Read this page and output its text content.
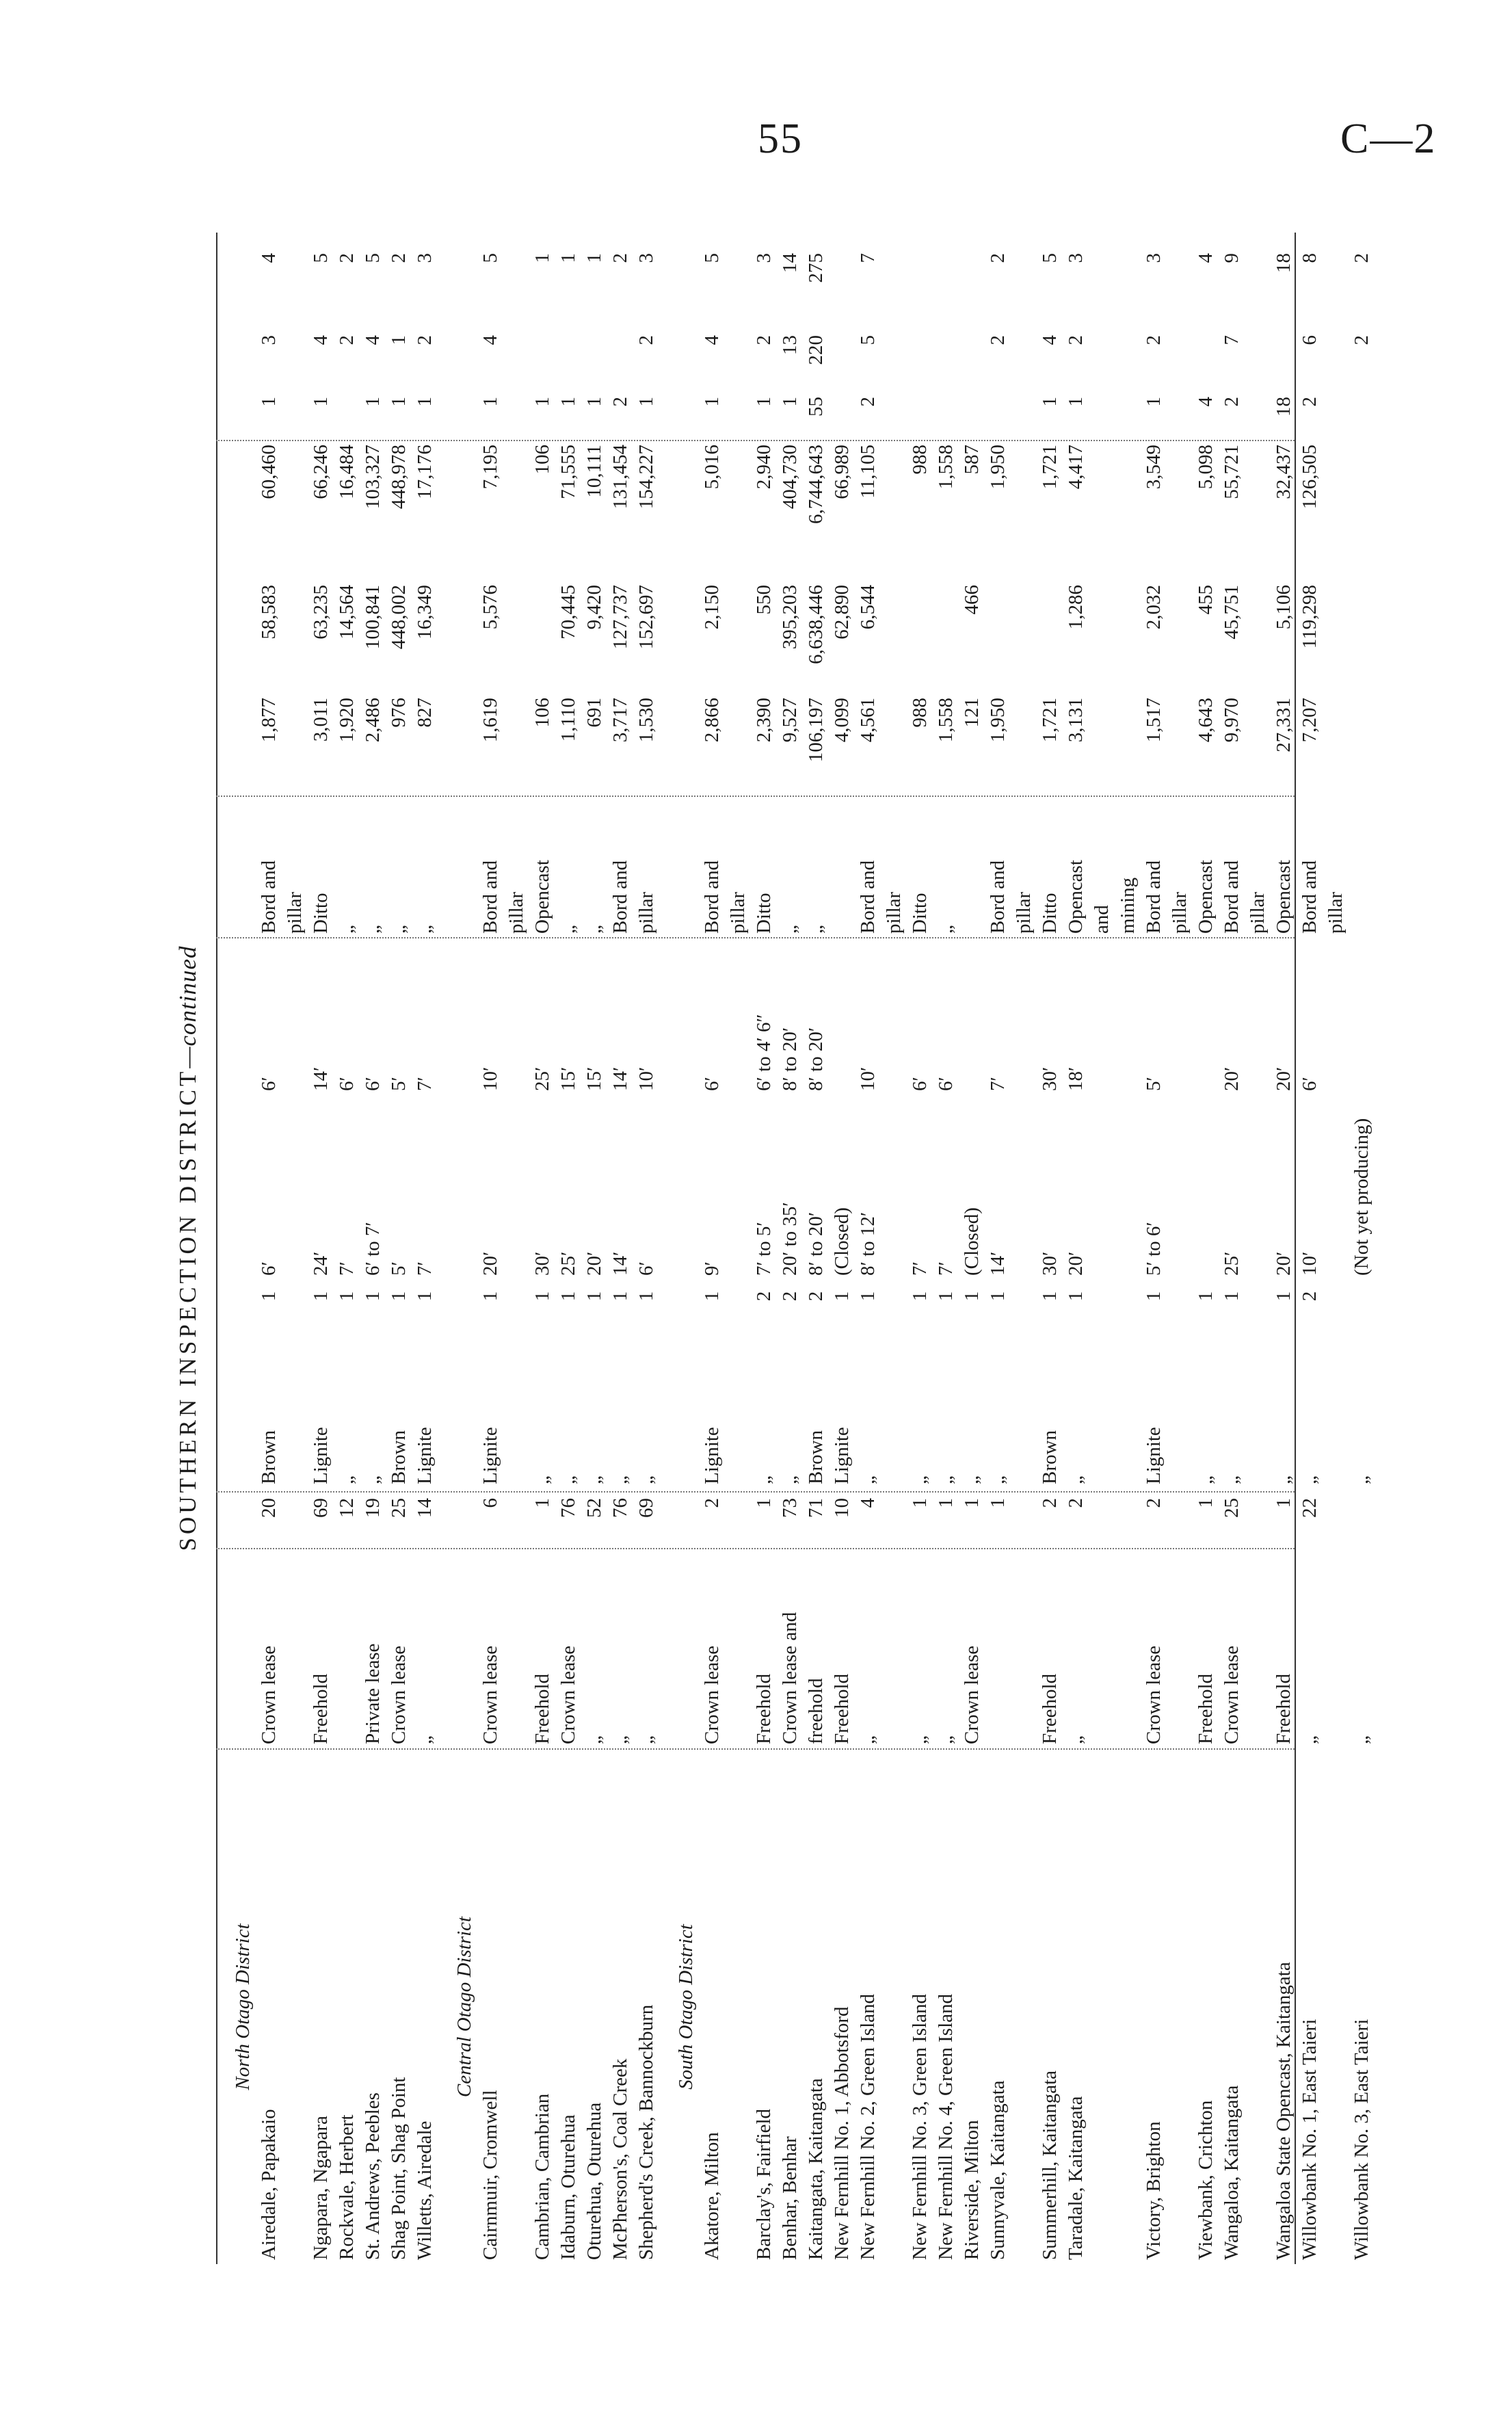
55	C—2
SOUTHERN INSPECTION DISTRICT—continued
North Otago District
Airedale, Papakaio
Crown lease
20
Brown
1
6′
6′
Bord and
1,877
58,583
60,460
1
3
4
pillar
Ngapara, Ngapara
Freehold
69
Lignite
1
24′
14′
Ditto
3,011
63,235
66,246
1
4
5
Rockvale, Herbert
12
„
1
7′
6′
„
1,920
14,564
16,484
2
2
St. Andrews, Peebles
Private lease
19
„
1
6′ to 7′
6′
„
2,486
100,841
103,327
1
4
5
Shag Point, Shag Point
Crown lease
25
Brown
1
5′
5′
„
976
448,002
448,978
1
1
2
Willetts, Airedale
„
14
Lignite
1
7′
7′
„
827
16,349
17,176
1
2
3
Central Otago District
Cairnmuir, Cromwell
Crown lease
6
Lignite
1
20′
10′
Bord and
1,619
5,576
7,195
1
4
5
pillar
Cambrian, Cambrian
Freehold
1
„
1
30′
25′
Opencast
106
106
1
1
Idaburn, Oturehua
Crown lease
76
„
1
25′
15′
„
1,110
70,445
71,555
1
1
Oturehua, Oturehua
„
52
„
1
20′
15′
„
691
9,420
10,111
1
1
McPherson's, Coal Creek
„
76
„
1
14′
14′
Bord and
3,717
127,737
131,454
2
2
Shepherd's Creek, Bannockburn
„
69
„
1
6′
10′
pillar
1,530
152,697
154,227
1
2
3
South Otago District
Akatore, Milton
Crown lease
2
Lignite
1
9′
6′
Bord and
2,866
2,150
5,016
1
4
5
pillar
Barclay's, Fairfield
Freehold
1
„
2
7′ to 5′
6′ to 4′ 6″
Ditto
2,390
550
2,940
1
2
3
Benhar, Benhar
Crown lease and
73
„
2
20′ to 35′
8′ to 20′
„
9,527
395,203
404,730
1
13
14
Kaitangata, Kaitangata
freehold
71
Brown
2
8′ to 20′
8′ to 20′
„
106,197
6,638,446
6,744,643
55
220
275
New Fernhill No. 1, Abbotsford
Freehold
10
Lignite
1
(Closed)
4,099
62,890
66,989
New Fernhill No. 2, Green Island
„
4
„
1
8′ to 12′
10′
Bord and
4,561
6,544
11,105
2
5
7
pillar
New Fernhill No. 3, Green Island
„
1
„
1
7′
6′
Ditto
988
988
New Fernhill No. 4, Green Island
„
1
„
1
7′
6′
„
1,558
1,558
Riverside, Milton
Crown lease
1
„
1
(Closed)
121
466
587
Sunnyvale, Kaitangata
1
„
1
14′
7′
Bord and
1,950
1,950
2
2
pillar
Summerhill, Kaitangata
Freehold
2
Brown
1
30′
30′
Ditto
1,721
1,721
1
4
5
Taradale, Kaitangata
„
2
„
1
20′
18′
Opencast
3,131
1,286
4,417
1
2
3
and mining
Victory, Brighton
Crown lease
2
Lignite
1
5′ to 6′
5′
Bord and
1,517
2,032
3,549
1
2
3
pillar
Viewbank, Crichton
Freehold
1
„
1
Opencast
4,643
455
5,098
4
4
Wangaloa, Kaitangata
Crown lease
25
„
1
25′
20′
Bord and
9,970
45,751
55,721
2
7
9
pillar
Wangaloa State Opencast, Kaitangata
Freehold
1
„
1
20′
20′
Opencast
27,331
5,106
32,437
18
18
Willowbank No. 1, East Taieri
„
22
„
2
10′
6′
Bord and
7,207
119,298
126,505
2
6
8
pillar
Willowbank No. 3, East Taieri
„
„
(Not yet producing)
2
2
